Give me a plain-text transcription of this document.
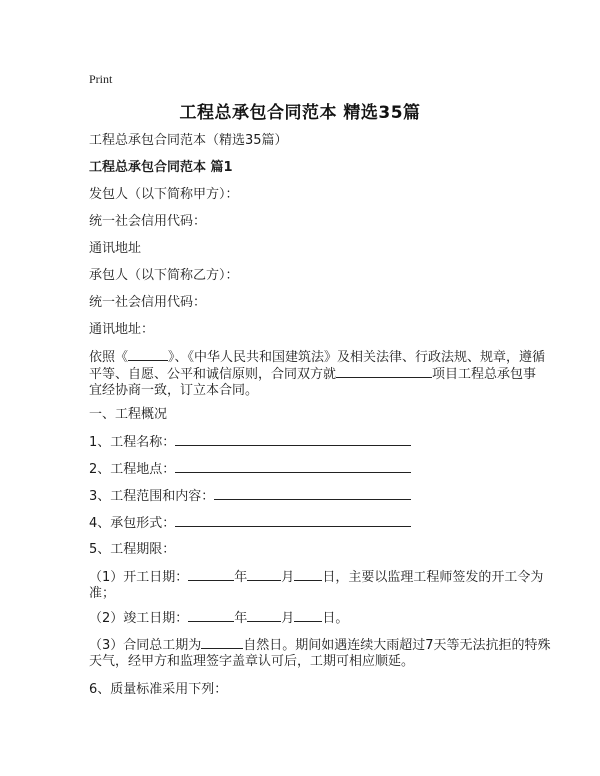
Print
工程总承包合同范本 精选35篇
工程总承包合同范本（精选35篇）
工程总承包合同范本 篇1
发包人（以下简称甲方）：
统一社会信用代码：
通讯地址
承包人（以下简称乙方）：
统一社会信用代码：
通讯地址：
依照《	》、《中华人民共和国建筑法》及相关法律、行政法规、规章，遵循
平等、自愿、公平和诚信原则，合同双方就	项目工程总承包事
宜经协商一致，订立本合同。
一、工程概况
1、工程名称：
2、工程地点：
3、工程范围和内容：
4、承包形式：
5、工程期限：
（1）开工日期：	年	月 日，主要以监理工程师签发的开工令为
准；
（2）竣工日期：	年	月 日。
（3）合同总工期为	自然日。期间如遇连续大雨超过7天等无法抗拒的特殊
天气，经甲方和监理签字盖章认可后，工期可相应顺延。
6、质量标准采用下列：
